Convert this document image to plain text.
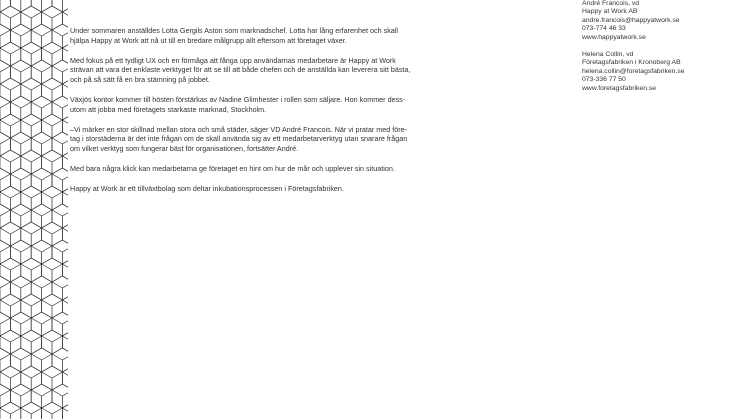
Under sommaren anställdes Lotta Gergils Aston som marknadschef. Lotta har lång erfarenhet och skall
hjälpa Happy at Work att nå ut till en bredare målgrupp allt eftersom att företaget växer.

Med fokus på ett tydligt UX och en förmåga att fånga upp användarnas medarbetare är Happy at Work
strävan att vara det enklaste verktyget för att se till att både chefen och de anställda kan leverera sitt bästa,
och på så sätt få en bra stämning på jobbet.

Växjös kontor kommer till hösten förstärkas av Nadine Glimhester i rollen som säljare. Hon kommer dess-
utom att jobba med företagets starkaste marknad, Stockholm.

–Vi märker en stor skillnad mellan stora och små städer, säger VD André Francois. När vi pratar med före-
tag i storstäderna är det inte frågan om de skall använda sig av ett medarbetarverktyg utan snarare frågan
om vilket verktyg som fungerar bäst för organisationen, fortsätter André.

Med bara några klick kan medarbetarna ge företaget en hint om hur de mår och upplever sin situation.

Happy at Work är ett tillväxtbolag som deltar inkubationsprocessen i Företagsfabriken.

André Francois, vd
Happy at Work AB
andre.francois@happyatwork.se
073-774 46 33
www.happyatwork.se
Helena Collin, vd
Företagsfabriken i Kronoberg AB
helena.collin@foretagsfabriken.se
073-336 77 50
www.foretagsfabriken.se
